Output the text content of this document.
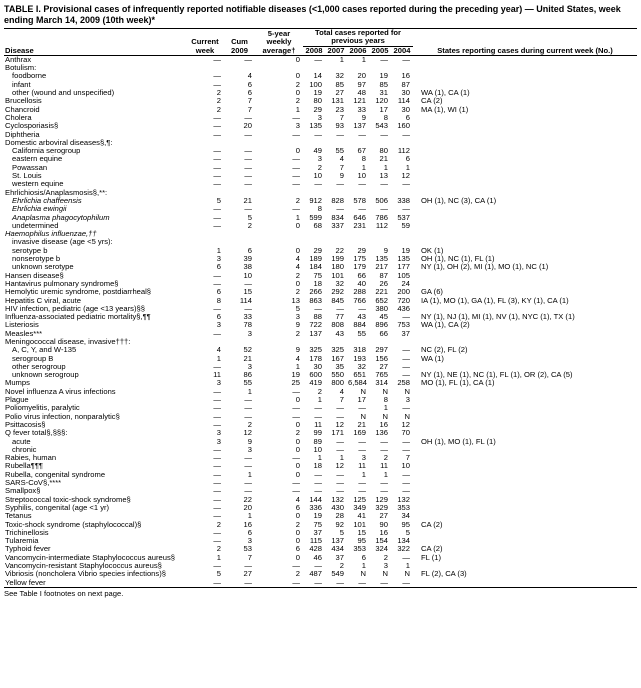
TABLE I. Provisional cases of infrequently reported notifiable diseases (<1,000 cases reported during the preceding year) — United States, week ending March 14, 2009 (10th week)*
Disease	Current week	Cum 2009	5-year weekly average†	Total cases reported for previous years					States reporting cases during current week (No.)
				2008	2007	2006	2005	2004	
Anthrax	—	—	0	—	1	1	—	—	
Botulism:									
foodborne	—	4	0	14	32	20	19	16	
infant	—	6	2	100	85	97	85	87	
other (wound and unspecified)	2	6	0	19	27	48	31	30	WA (1), CA (1)
Brucellosis	2	7	2	80	131	121	120	114	CA (2)
Chancroid	2	7	1	29	23	33	17	30	MA (1), WI (1)
Cholera	—	—	—	3	7	9	8	6	
Cyclosporiasis§	—	20	3	135	93	137	543	160	
Diphtheria	—	—	—	—	—	—	—	—	
Domestic arboviral diseases§,¶:									
California serogroup	—	—	0	49	55	67	80	112	
eastern equine	—	—	—	3	4	8	21	6	
Powassan	—	—	—	2	7	1	1	1	
St. Louis	—	—	—	10	9	10	13	12	
western equine	—	—	—	—	—	—	—	—	
Ehrlichiosis/Anaplasmosis§,**:									
Ehrlichia chaffeensis	5	21	2	912	828	578	506	338	OH (1), NC (3), CA (1)
Ehrlichia ewingii	—	—	—	8	—	—	—	—	
Anaplasma phagocytophilum	—	5	1	599	834	646	786	537	
undetermined	—	2	0	68	337	231	112	59	
Haemophilus influenzae,††									
invasive disease (age <5 yrs):									
serotype b	1	6	0	29	22	29	9	19	OK (1)
nonserotype b	3	39	4	189	199	175	135	135	OH (1), NC (1), FL (1)
unknown serotype	6	38	4	184	180	179	217	177	NY (1), OH (2), MI (1), MO (1), NC (1)
Hansen disease§	—	10	2	75	101	66	87	105	
Hantavirus pulmonary syndrome§	—	—	0	18	32	40	26	24	
Hemolytic uremic syndrome, postdiarrheal§	6	15	2	266	292	288	221	200	GA (6)
Hepatitis C viral, acute	8	114	13	863	845	766	652	720	IA (1), MO (1), GA (1), FL (3), KY (1), CA (1)
HIV infection, pediatric (age <13 years)§§	—	—	5	—	—	—	380	436	
Influenza-associated pediatric mortality§,¶¶	6	33	3	88	77	43	45	—	NY (1), NJ (1), MI (1), NV (1), NYC (1), TX (1)
Listeriosis	3	78	9	722	808	884	896	753	WA (1), CA (2)
Measles***	—	3	2	137	43	55	66	37	
Meningococcal disease, invasive†††:									
A, C, Y, and W-135	4	52	9	325	325	318	297	—	NC (2), FL (2)
serogroup B	1	21	4	178	167	193	156	—	WA (1)
other serogroup	—	3	1	30	35	32	27	—	
unknown serogroup	11	86	19	600	550	651	765	—	NY (1), NE (1), NC (1), FL (1), OR (2), CA (5)
Mumps	3	55	25	419	800	6,584	314	258	MO (1), FL (1), CA (1)
Novel influenza A virus infections	—	1	—	2	4	N	N	N	
Plague	—	—	0	1	7	17	8	3	
Poliomyelitis, paralytic	—	—	—	—	—	—	1	—	
Polio virus infection, nonparalytic§	—	—	—	—	—	N	N	N	
Psittacosis§	—	2	0	11	12	21	16	12	
Q fever total§,§§§:	3	12	2	99	171	169	136	70	
acute	3	9	0	89	—	—	—	—	OH (1), MO (1), FL (1)
chronic	—	3	0	10	—	—	—	—	
Rabies, human	—	—	—	1	1	3	2	7	
Rubella¶¶¶	—	—	0	18	12	11	11	10	
Rubella, congenital syndrome	—	1	0	—	—	1	1	—	
SARS-CoV§,****	—	—	—	—	—	—	—	—	
Smallpox§	—	—	—	—	—	—	—	—	
Streptococcal toxic-shock syndrome§	—	22	4	144	132	125	129	132	
Syphilis, congenital (age <1 yr)	—	20	6	336	430	349	329	353	
Tetanus	—	1	0	19	28	41	27	34	
Toxic-shock syndrome (staphylococcal)§	2	16	2	75	92	101	90	95	CA (2)
Trichinellosis	—	6	0	37	5	15	16	5	
Tularemia	—	3	0	115	137	95	154	134	
Typhoid fever	2	53	6	428	434	353	324	322	CA (2)
Vancomycin-intermediate Staphylococcus aureus§	1	7	0	46	37	6	2	—	FL (1)
Vancomycin-resistant Staphylococcus aureus§	—	—	—	—	2	1	3	1	
Vibriosis (noncholera Vibrio species infections)§	5	27	2	487	549	N	N	N	FL (2), CA (3)
Yellow fever	—	—	—	—	—	—	—	—	
See Table I footnotes on next page.
